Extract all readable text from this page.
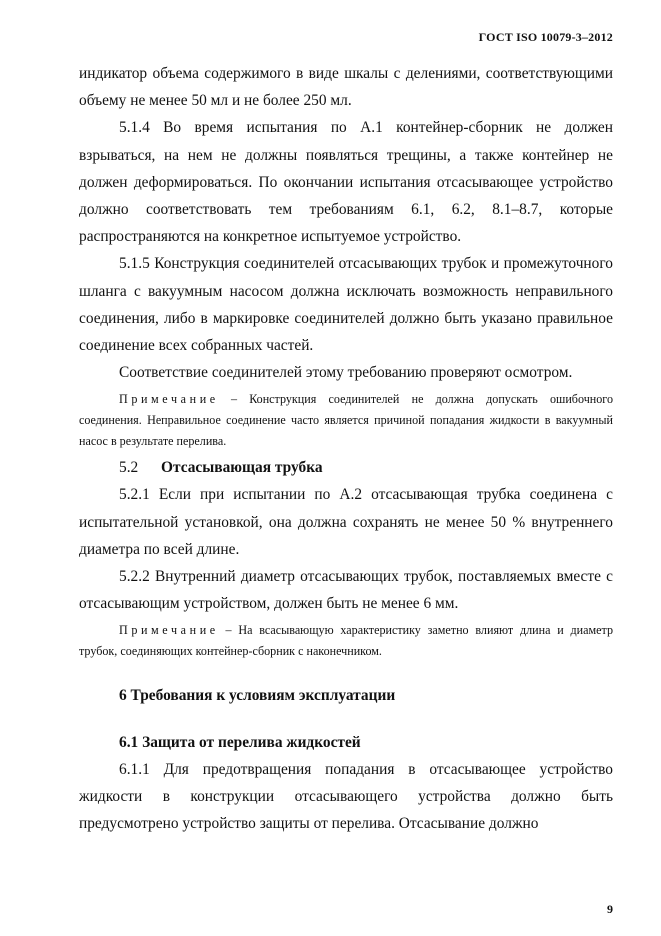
ГОСТ ISO 10079-3–2012

индикатор объема содержимого в виде шкалы с делениями, соответствующими объему не менее 50 мл и не более 250 мл.

5.1.4 Во время испытания по А.1 контейнер-сборник не должен взрываться, на нем не должны появляться трещины, а также контейнер не должен деформироваться. По окончании испытания отсасывающее устройство должно соответствовать тем требованиям 6.1, 6.2, 8.1–8.7, которые распространяются на конкретное испытуемое устройство.

5.1.5 Конструкция соединителей отсасывающих трубок и промежуточного шланга с вакуумным насосом должна исключать возможность неправильного соединения, либо в маркировке соединителей должно быть указано правильное соединение всех собранных частей.

Соответствие соединителей этому требованию проверяют осмотром.

Примечание – Конструкция соединителей не должна допускать ошибочного соединения. Неправильное соединение часто является причиной попадания жидкости в вакуумный насос в результате перелива.

5.2 Отсасывающая трубка

5.2.1 Если при испытании по А.2 отсасывающая трубка соединена с испытательной установкой, она должна сохранять не менее 50 % внутреннего диаметра по всей длине.

5.2.2 Внутренний диаметр отсасывающих трубок, поставляемых вместе с отсасывающим устройством, должен быть не менее 6 мм.

Примечание – На всасывающую характеристику заметно влияют длина и диаметр трубок, соединяющих контейнер-сборник с наконечником.

6 Требования к условиям эксплуатации
6.1 Защита от перелива жидкостей

6.1.1 Для предотвращения попадания в отсасывающее устройство жидкости в конструкции отсасывающего устройства должно быть предусмотрено устройство защиты от перелива. Отсасывание должно

9
